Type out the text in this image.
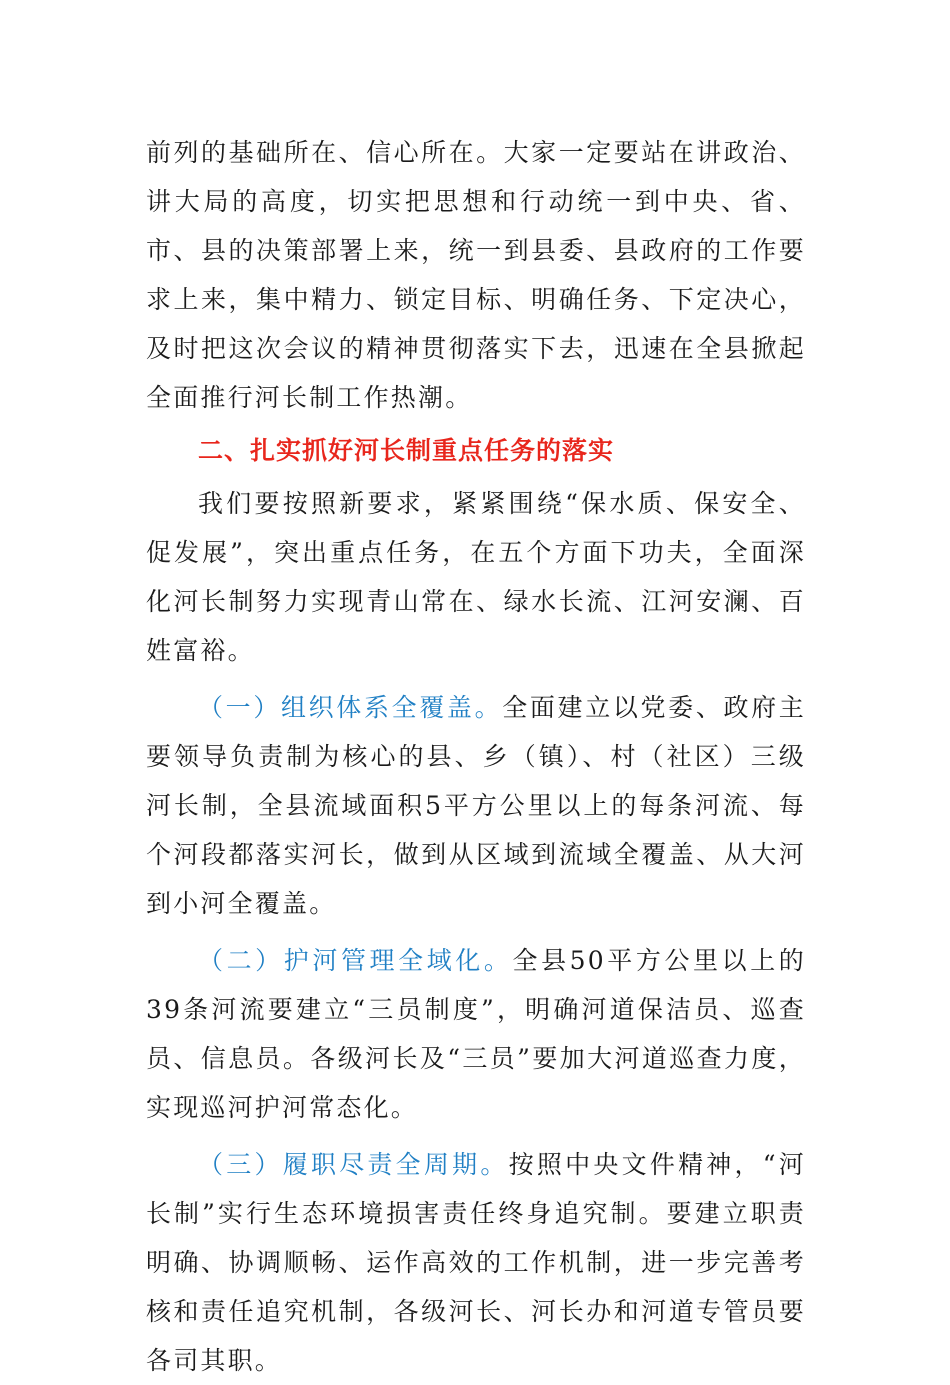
前列的基础所在、信心所在。大家一定要站在讲政治、讲大局的高度，切实把思想和行动统一到中央、省、市、县的决策部署上来，统一到县委、县政府的工作要求上来，集中精力、锁定目标、明确任务、下定决心，及时把这次会议的精神贯彻落实下去，迅速在全县掀起全面推行河长制工作热潮。

二、扎实抓好河长制重点任务的落实

我们要按照新要求，紧紧围绕“保水质、保安全、促发展”，突出重点任务，在五个方面下功夫，全面深化河长制努力实现青山常在、绿水长流、江河安澜、百姓富裕。

（一）组织体系全覆盖。全面建立以党委、政府主要领导负责制为核心的县、乡（镇）、村（社区）三级河长制，全县流域面积5平方公里以上的每条河流、每个河段都落实河长，做到从区域到流域全覆盖、从大河到小河全覆盖。

（二）护河管理全域化。全县50平方公里以上的39条河流要建立“三员制度”，明确河道保洁员、巡查员、信息员。各级河长及“三员”要加大河道巡查力度，实现巡河护河常态化。

（三）履职尽责全周期。按照中央文件精神，“河长制”实行生态环境损害责任终身追究制。要建立职责明确、协调顺畅、运作高效的工作机制，进一步完善考核和责任追究机制，各级河长、河长办和河道专管员要各司其职。
